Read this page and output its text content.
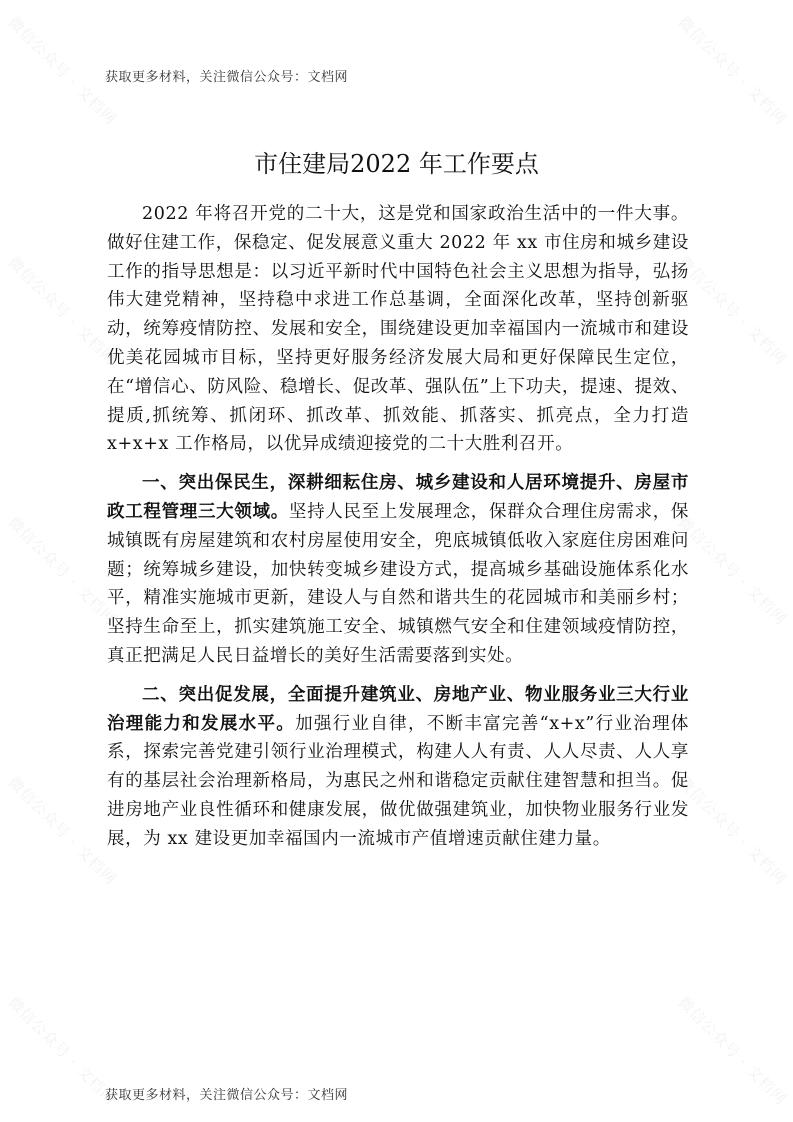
微信公众号 · 文档网	微信公众号 · 文档网
微信公众号 · 文档网	微信公众号 · 文档网
微信公众号 · 文档网	微信公众号 · 文档网
微信公众号 · 文档网	微信公众号 · 文档网
微信公众号 · 文档网	微信公众号 · 文档网
获取更多材料，关注微信公众号：文档网
市住建局2022 年工作要点

2022 年将召开党的二十大，这是党和国家政治生活中的一件大事。做好住建工作，保稳定、促发展意义重大 2022 年 xx 市住房和城乡建设工作的指导思想是：以习近平新时代中国特色社会主义思想为指导，弘扬伟大建党精神，坚持稳中求进工作总基调，全面深化改革，坚持创新驱动，统筹疫情防控、发展和安全，围绕建设更加幸福国内一流城市和建设优美花园城市目标，坚持更好服务经济发展大局和更好保障民生定位，在“增信心、防风险、稳增长、促改革、强队伍”上下功夫，提速、提效、提质,抓统筹、抓闭环、抓改革、抓效能、抓落实、抓亮点，全力打造 x+x+x 工作格局，以优异成绩迎接党的二十大胜利召开。

一、突出保民生，深耕细耘住房、城乡建设和人居环境提升、房屋市政工程管理三大领域。坚持人民至上发展理念，保群众合理住房需求，保城镇既有房屋建筑和农村房屋使用安全，兜底城镇低收入家庭住房困难问题；统筹城乡建设，加快转变城乡建设方式，提高城乡基础设施体系化水平，精准实施城市更新，建设人与自然和谐共生的花园城市和美丽乡村；坚持生命至上，抓实建筑施工安全、城镇燃气安全和住建领域疫情防控，真正把满足人民日益增长的美好生活需要落到实处。

二、突出促发展，全面提升建筑业、房地产业、物业服务业三大行业治理能力和发展水平。加强行业自律，不断丰富完善“x+x”行业治理体系，探索完善党建引领行业治理模式，构建人人有责、人人尽责、人人享有的基层社会治理新格局，为惠民之州和谐稳定贡献住建智慧和担当。促进房地产业良性循环和健康发展，做优做强建筑业，加快物业服务行业发展，为 xx 建设更加幸福国内一流城市产值增速贡献住建力量。

获取更多材料，关注微信公众号：文档网
